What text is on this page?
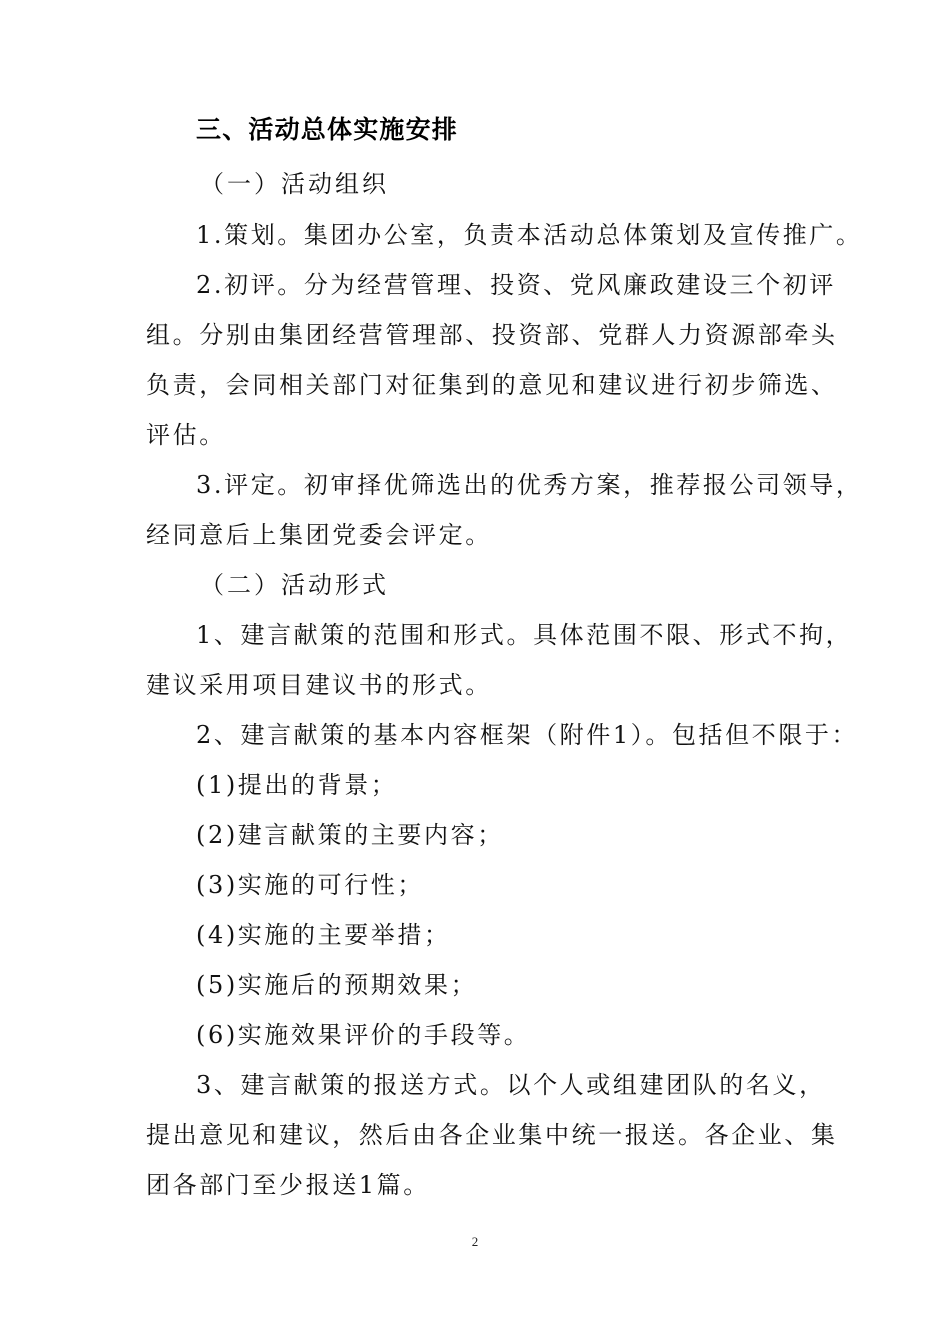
三、活动总体实施安排

（一）活动组织

1.策划。集团办公室，负责本活动总体策划及宣传推广。

2.初评。分为经营管理、投资、党风廉政建设三个初评

组。分别由集团经营管理部、投资部、党群人力资源部牵头

负责，会同相关部门对征集到的意见和建议进行初步筛选、

评估。

3.评定。初审择优筛选出的优秀方案，推荐报公司领导，

经同意后上集团党委会评定。

（二）活动形式

1、建言献策的范围和形式。具体范围不限、形式不拘，

建议采用项目建议书的形式。

2、建言献策的基本内容框架（附件1）。包括但不限于：

(1)提出的背景；

(2)建言献策的主要内容；

(3)实施的可行性；

(4)实施的主要举措；

(5)实施后的预期效果；

(6)实施效果评价的手段等。

3、建言献策的报送方式。以个人或组建团队的名义，

提出意见和建议，然后由各企业集中统一报送。各企业、集

团各部门至少报送1篇。

2
